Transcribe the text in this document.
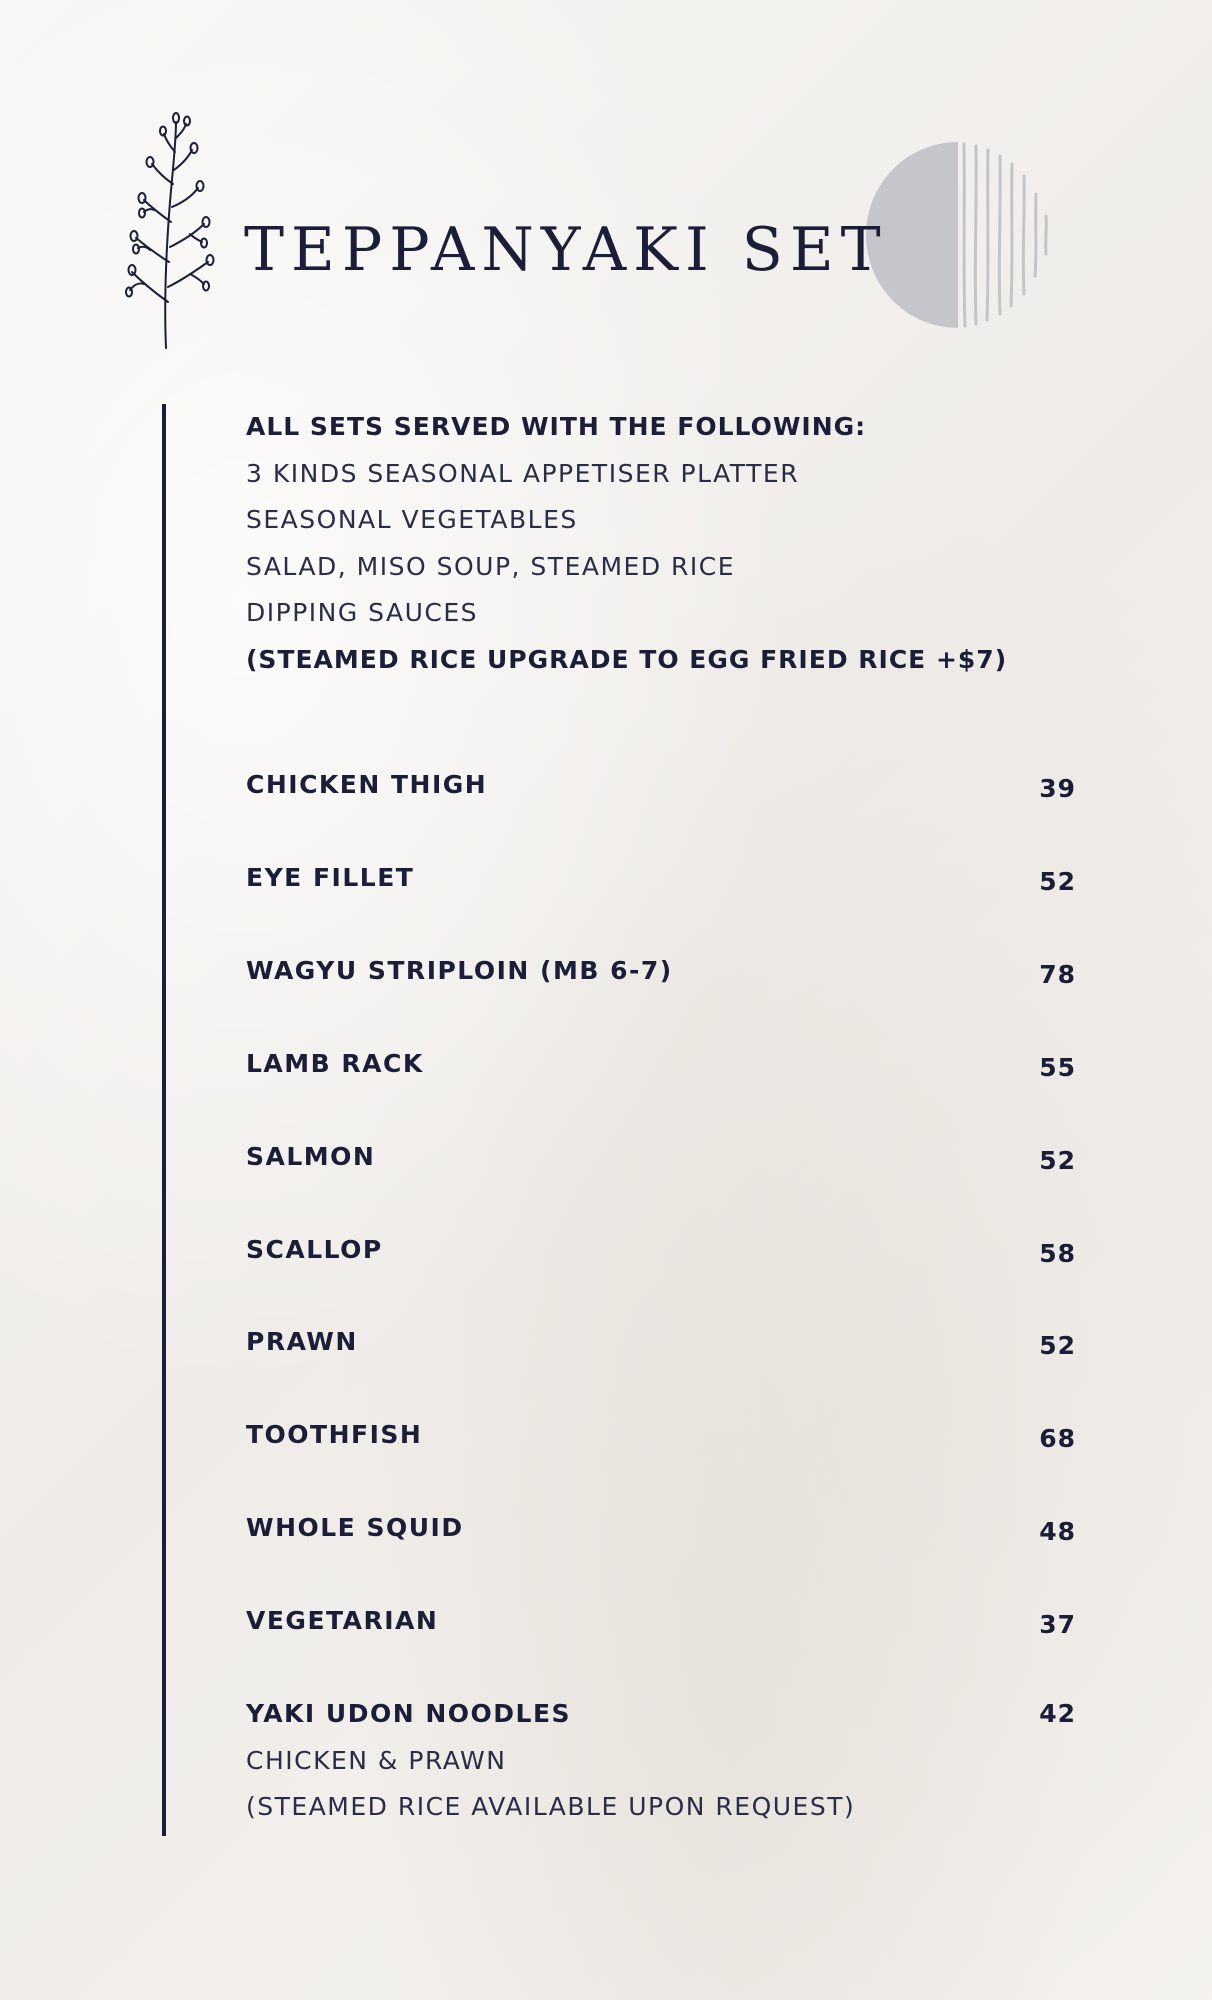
TEPPANYAKI SET
ALL SETS SERVED WITH THE FOLLOWING:
3 KINDS SEASONAL APPETISER PLATTER
SEASONAL VEGETABLES
SALAD, MISO SOUP, STEAMED RICE
DIPPING SAUCES
(STEAMED RICE UPGRADE TO EGG FRIED RICE +$7)
CHICKEN THIGH	39
EYE FILLET	52
WAGYU STRIPLOIN (MB 6-7)	78
LAMB RACK	55
SALMON	52
SCALLOP	58
PRAWN	52
TOOTHFISH	68
WHOLE SQUID	48
VEGETARIAN	37
YAKI UDON NOODLES	42
CHICKEN & PRAWN
(STEAMED RICE AVAILABLE UPON REQUEST)
